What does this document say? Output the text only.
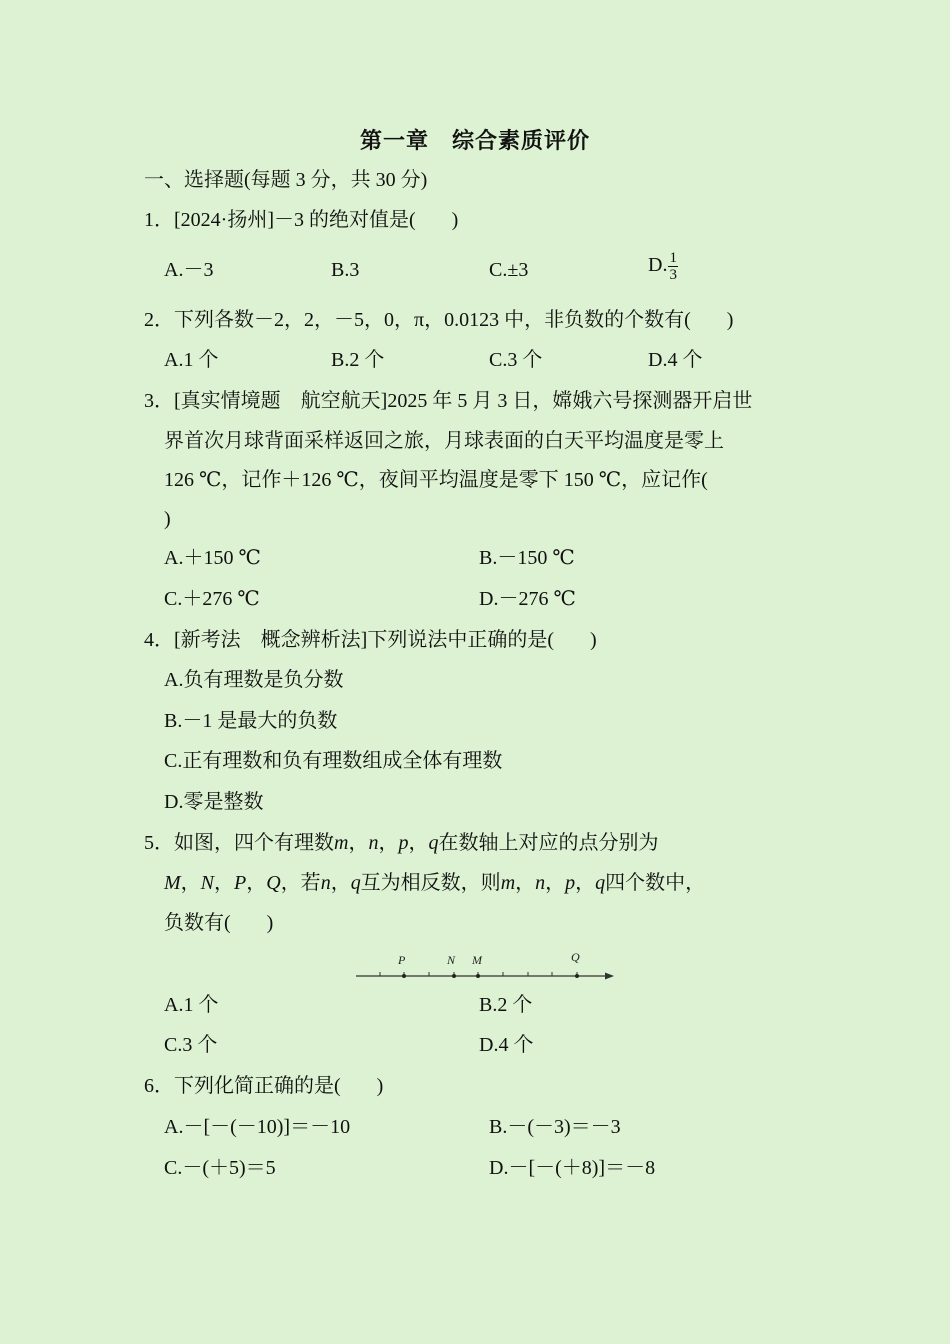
第一章　综合素质评价
一、选择题(每题 3 分，共 30 分)
1．[2024·扬州]－3 的绝对值是( )
A.－3	B.3	C.±3	D. $\frac{1}{3}$
2．下列各数－2，2，－5，0，π，0.0123 中，非负数的个数有( )
A.1 个	B.2 个	C.3 个	D.4 个
3．[真实情境题　航空航天]2025 年 5 月 3 日，嫦娥六号探测器开启世
界首次月球背面采样返回之旅，月球表面的白天平均温度是零上
126 ℃，记作＋126 ℃，夜间平均温度是零下 150 ℃，应记作(
)
A.＋150 ℃	B.－150 ℃
C.＋276 ℃	D.－276 ℃
4．[新考法　概念辨析法]下列说法中正确的是( )
A.负有理数是负分数
B.－1 是最大的负数
C.正有理数和负有理数组成全体有理数
D.零是整数
5．如图，四个有理数m，n，p，q在数轴上对应的点分别为
M，N，P，Q，若n，q互为相反数，则m，n，p，q四个数中，
负数有( )
P	N M	Q
A.1 个	B.2 个
C.3 个	D.4 个
6．下列化简正确的是( )
A.－[－(－10)]＝－10	B.－(－3)＝－3
C.－(＋5)＝5	D.－[－(＋8)]＝－8
